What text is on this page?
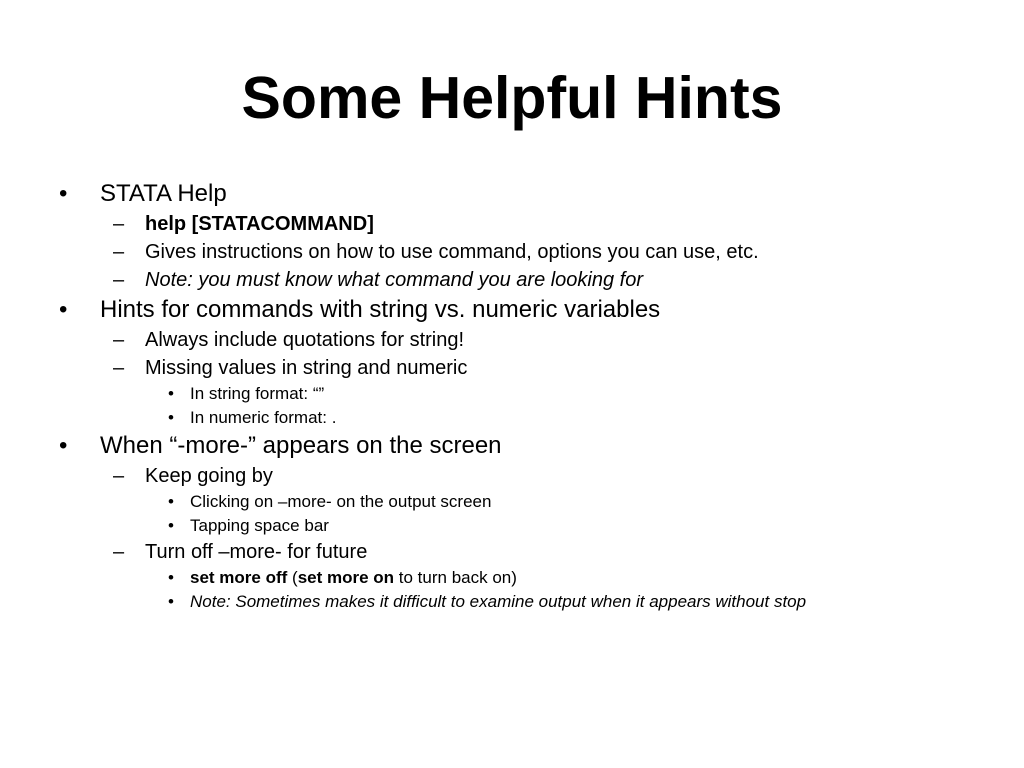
Some Helpful Hints
• STATA Help
– help [STATACOMMAND]
– Gives instructions on how to use command, options you can use, etc.
– Note: you must know what command you are looking for
• Hints for commands with string vs. numeric variables
– Always include quotations for string!
– Missing values in string and numeric
• In string format: “”
• In numeric format: .
• When “-more-” appears on the screen
– Keep going by
• Clicking on –more- on the output screen
• Tapping space bar
– Turn off –more- for future
• set more off (set more on to turn back on)
• Note: Sometimes makes it difficult to examine output when it appears without stop
